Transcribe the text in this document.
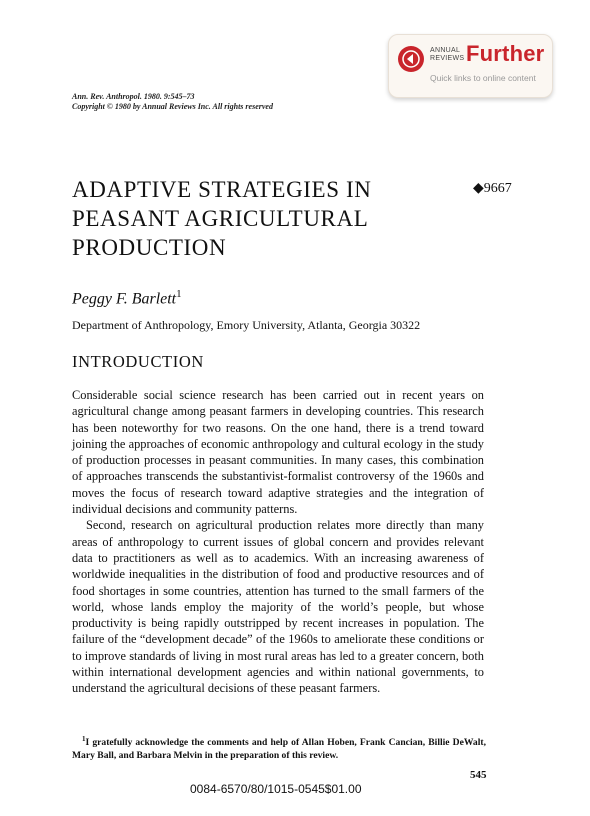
ANNUAL
REVIEWS Further
Quick links to online content
Ann. Rev. Anthropol. 1980. 9:545–73
Copyright © 1980 by Annual Reviews Inc. All rights reserved
ADAPTIVE STRATEGIES IN
PEASANT AGRICULTURAL
PRODUCTION
◆9667
Peggy F. Barlett$^1$
Department of Anthropology, Emory University, Atlanta, Georgia 30322
INTRODUCTION

Considerable social science research has been carried out in recent years on agricultural change among peasant farmers in developing countries. This research has been noteworthy for two reasons. On the one hand, there is a trend toward joining the approaches of economic anthropology and cultural ecology in the study of production processes in peasant communities. In many cases, this combination of approaches transcends the substantivist-formalist controversy of the 1960s and moves the focus of research toward adaptive strategies and the integration of individual decisions and community patterns.

Second, research on agricultural production relates more directly than many areas of anthropology to current issues of global concern and provides relevant data to practitioners as well as to academics. With an increasing awareness of worldwide inequalities in the distribution of food and productive resources and of food shortages in some countries, attention has turned to the small farmers of the world, whose lands employ the majority of the world’s people, but whose productivity is being rapidly outstripped by recent increases in population. The failure of the “development decade” of the 1960s to ameliorate these conditions or to improve standards of living in most rural areas has led to a greater concern, both within international development agencies and within national governments, to understand the agricultural decisions of these peasant farmers.

$^1$I gratefully acknowledge the comments and help of Allan Hoben, Frank Cancian, Billie DeWalt, Mary Ball, and Barbara Melvin in the preparation of this review.
545
0084-6570/80/1015-0545$01.00
